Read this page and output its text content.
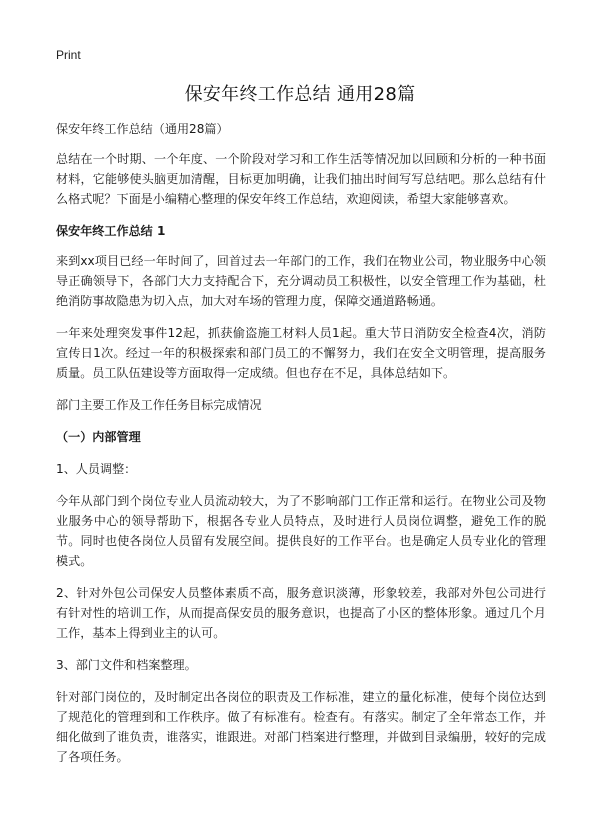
Print
保安年终工作总结 通用28篇

保安年终工作总结（通用28篇）

总结在一个时期、一个年度、一个阶段对学习和工作生活等情况加以回顾和分析的一种书面材料，它能够使头脑更加清醒，目标更加明确，让我们抽出时间写写总结吧。那么总结有什么格式呢？下面是小编精心整理的保安年终工作总结，欢迎阅读，希望大家能够喜欢。

保安年终工作总结 1

来到xx项目已经一年时间了，回首过去一年部门的工作，我们在物业公司，物业服务中心领导正确领导下，各部门大力支持配合下，充分调动员工积极性，以安全管理工作为基础，杜绝消防事故隐患为切入点，加大对车场的管理力度，保障交通道路畅通。

一年来处理突发事件12起，抓获偷盗施工材料人员1起。重大节日消防安全检查4次，消防宣传日1次。经过一年的积极探索和部门员工的不懈努力，我们在安全文明管理，提高服务质量。员工队伍建设等方面取得一定成绩。但也存在不足，具体总结如下。

部门主要工作及工作任务目标完成情况

（一）内部管理

1、人员调整：

今年从部门到个岗位专业人员流动较大，为了不影响部门工作正常和运行。在物业公司及物业服务中心的领导帮助下，根据各专业人员特点，及时进行人员岗位调整，避免工作的脱节。同时也使各岗位人员留有发展空间。提供良好的工作平台。也是确定人员专业化的管理模式。

2、针对外包公司保安人员整体素质不高，服务意识淡薄，形象较差，我部对外包公司进行有针对性的培训工作，从而提高保安员的服务意识，也提高了小区的整体形象。通过几个月工作，基本上得到业主的认可。

3、部门文件和档案整理。

针对部门岗位的，及时制定出各岗位的职责及工作标准，建立的量化标准，使每个岗位达到了规范化的管理到和工作秩序。做了有标准有。检查有。有落实。制定了全年常态工作，并细化做到了谁负责，谁落实，谁跟进。对部门档案进行整理，并做到目录编册，较好的完成了各项任务。
